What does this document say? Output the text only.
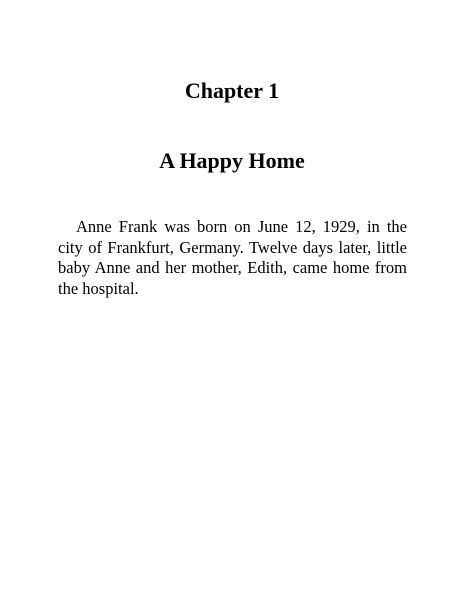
Chapter 1
A Happy Home

Anne Frank was born on June 12, 1929, in the city of Frankfurt, Germany. Twelve days later, little baby Anne and her mother, Edith, came home from the hospital.
